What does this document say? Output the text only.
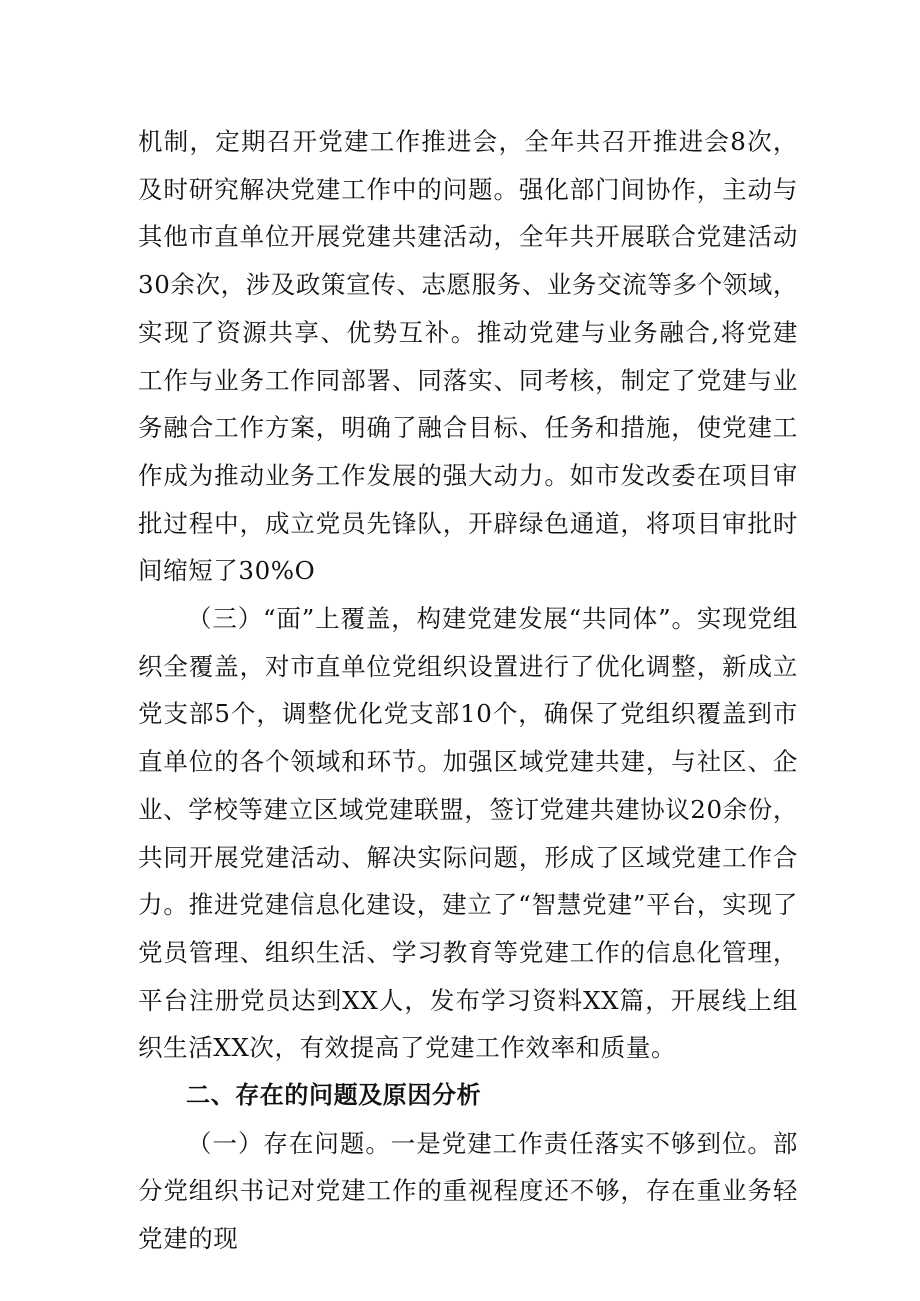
机制，定期召开党建工作推进会，全年共召开推进会8次，及时研究解决党建工作中的问题。强化部门间协作，主动与其他市直单位开展党建共建活动，全年共开展联合党建活动30余次，涉及政策宣传、志愿服务、业务交流等多个领域，实现了资源共享、优势互补。推动党建与业务融合,将党建工作与业务工作同部署、同落实、同考核，制定了党建与业务融合工作方案，明确了融合目标、任务和措施，使党建工作成为推动业务工作发展的强大动力。如市发改委在项目审批过程中，成立党员先锋队，开辟绿色通道，将项目审批时间缩短了30%O

（三）“面”上覆盖，构建党建发展“共同体”。实现党组织全覆盖，对市直单位党组织设置进行了优化调整，新成立党支部5个，调整优化党支部10个，确保了党组织覆盖到市直单位的各个领域和环节。加强区域党建共建，与社区、企业、学校等建立区域党建联盟，签订党建共建协议20余份，共同开展党建活动、解决实际问题，形成了区域党建工作合力。推进党建信息化建设，建立了“智慧党建”平台，实现了党员管理、组织生活、学习教育等党建工作的信息化管理，平台注册党员达到XX人，发布学习资料XX篇，开展线上组织生活XX次，有效提高了党建工作效率和质量。

二、存在的问题及原因分析

（一）存在问题。一是党建工作责任落实不够到位。部分党组织书记对党建工作的重视程度还不够，存在重业务轻党建的现
